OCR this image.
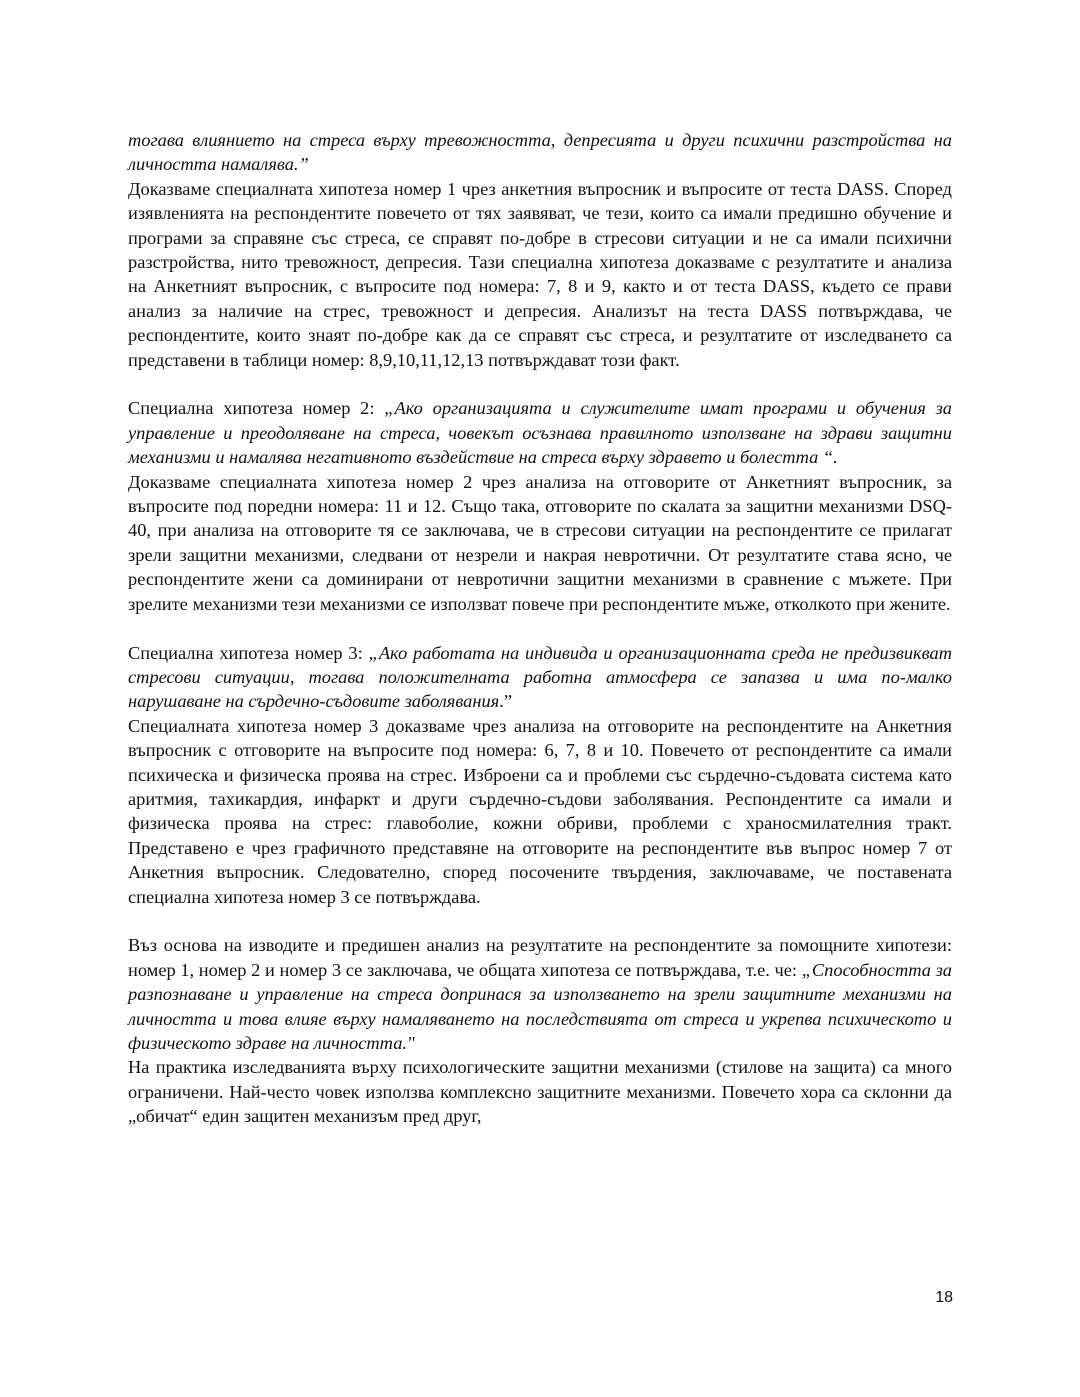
тогава влиянието на стреса върху тревожността, депресията и други психични разстройства на личността намалява.”

Доказваме специалната хипотеза номер 1 чрез анкетния въпросник и въпросите от теста DASS. Според изявленията на респондентите повечето от тях заявяват, че тези, които са имали предишно обучение и програми за справяне със стреса, се справят по-добре в стресови ситуации и не са имали психични разстройства, нито тревожност, депресия. Тази специална хипотеза доказваме с резултатите и анализа на Анкетният въпросник, с въпросите под номера: 7, 8 и 9, както и от теста DASS, където се прави анализ за наличие на стрес, тревожност и депресия. Анализът на теста DASS потвърждава, че респондентите, които знаят по-добре как да се справят със стреса, и резултатите от изследването са представени в таблици номер: 8,9,10,11,12,13 потвърждават този факт.

Специална хипотеза номер 2: „Ако организацията и служителите имат програми и обучения за управление и преодоляване на стреса, човекът осъзнава правилното използване на здрави защитни механизми и намалява негативното въздействие на стреса върху здравето и болестта “.

Доказваме специалната хипотеза номер 2 чрез анализа на отговорите от Анкетният въпросник, за въпросите под поредни номера: 11 и 12. Също така, отговорите по скалата за защитни механизми DSQ-40, при анализа на отговорите тя се заключава, че в стресови ситуации на респондентите се прилагат зрели защитни механизми, следвани от незрели и накрая невротични. От резултатите става ясно, че респондентите жени са доминирани от невротични защитни механизми в сравнение с мъжете. При зрелите механизми тези механизми се използват повече при респондентите мъже, отколкото при жените.

Специална хипотеза номер 3: „Ако работата на индивида и организационната среда не предизвикват стресови ситуации, тогава положителната работна атмосфера се запазва и има по-малко нарушаване на сърдечно-съдовите заболявания.”

Специалната хипотеза номер 3 доказваме чрез анализа на отговорите на респондентите на Анкетния въпросник с отговорите на въпросите под номера: 6, 7, 8 и 10. Повечето от респондентите са имали психическа и физическа проява на стрес. Изброени са и проблеми със сърдечно-съдовата система като аритмия, тахикардия, инфаркт и други сърдечно-съдови заболявания. Респондентите са имали и физическа проява на стрес: главоболие, кожни обриви, проблеми с храносмилателния тракт. Представено е чрез графичното представяне на отговорите на респондентите във въпрос номер 7 от Анкетния въпросник. Следователно, според посочените твърдения, заключаваме, че поставената специална хипотеза номер 3 се потвърждава.

Въз основа на изводите и предишен анализ на резултатите на респондентите за помощните хипотези: номер 1, номер 2 и номер 3 се заключава, че общата хипотеза се потвърждава, т.е. че: „Способността за разпознаване и управление на стреса допринася за използването на зрели защитните механизми на личността и това влияе върху намаляването на последствията от стреса и укрепва психическото и физическото здраве на личността."

На практика изследванията върху психологическите защитни механизми (стилове на защита) са много ограничени. Най-често човек използва комплексно защитните механизми. Повечето хора са склонни да „обичат“ един защитен механизъм пред друг,

18
